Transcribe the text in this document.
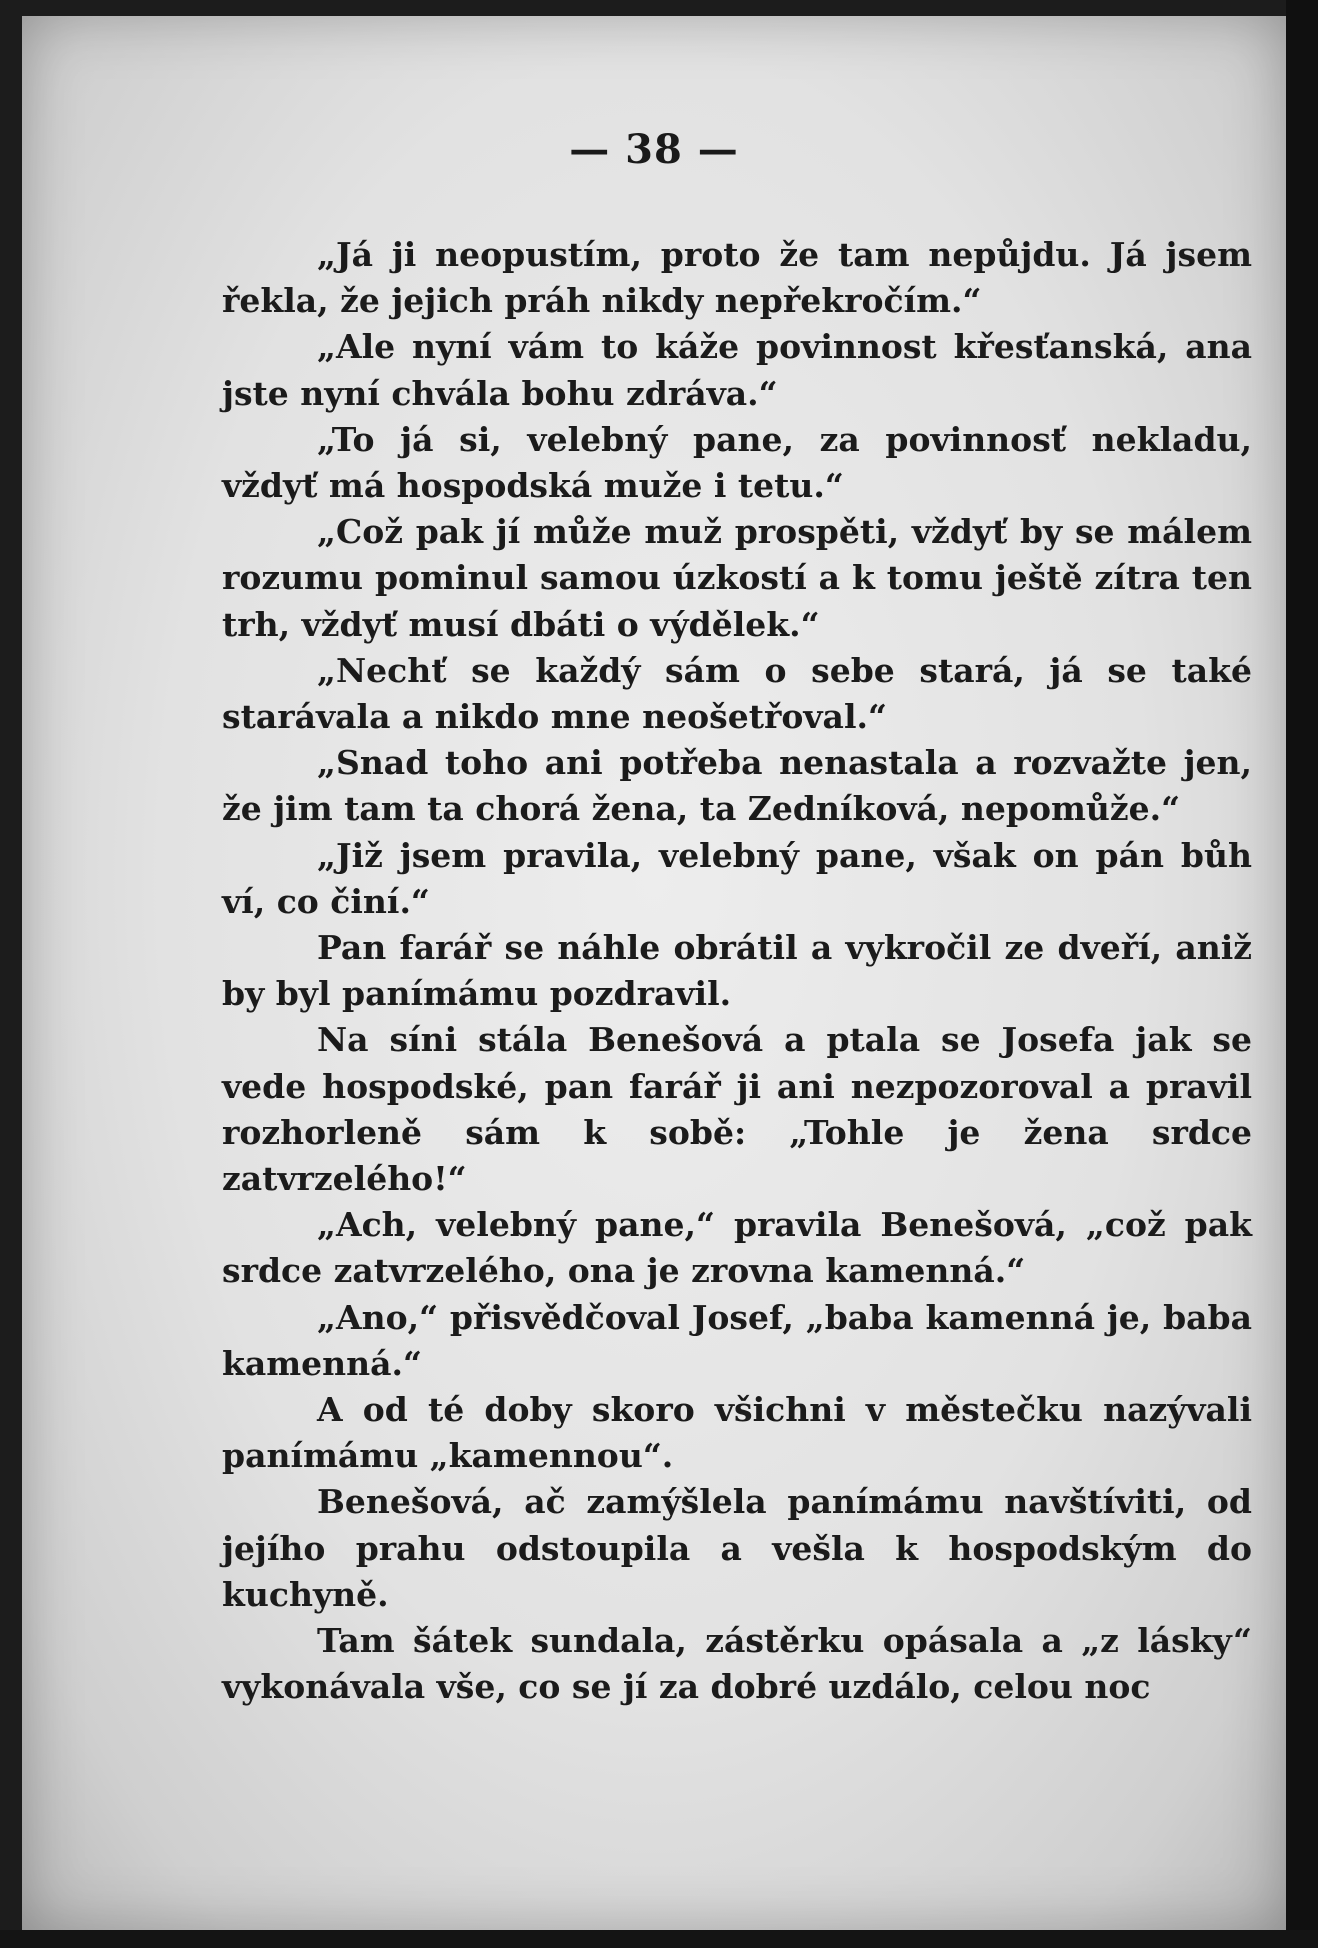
— 38 —

„Já ji neopustím, proto že tam nepůjdu. Já jsem řekla, že jejich práh nikdy nepřekročím.“

„Ale nyní vám to káže povinnost křesťanská, ana jste nyní chvála bohu zdráva.“

„To já si, velebný pane, za povinnosť nekladu, vždyť má hospodská muže i tetu.“

„Což pak jí může muž prospěti, vždyť by se málem rozumu pominul samou úzkostí a k tomu ještě zítra ten trh, vždyť musí dbáti o výdělek.“

„Nechť se každý sám o sebe stará, já se také starávala a nikdo mne neošetřoval.“

„Snad toho ani potřeba nenastala a rozvažte jen, že jim tam ta chorá žena, ta Zedníková, nepomůže.“

„Již jsem pravila, velebný pane, však on pán bůh ví, co činí.“

Pan farář se náhle obrátil a vykročil ze dveří, aniž by byl panímámu pozdravil.

Na síni stála Benešová a ptala se Josefa jak se vede hospodské, pan farář ji ani nezpozoroval a pravil rozhorleně sám k sobě: „Tohle je žena srdce zatvrzelého!“

„Ach, velebný pane,“ pravila Benešová, „což pak srdce zatvrzelého, ona je zrovna kamenná.“

„Ano,“ přisvědčoval Josef, „baba kamenná je, baba kamenná.“

A od té doby skoro všichni v městečku nazývali panímámu „kamennou“.

Benešová, ač zamýšlela panímámu navštíviti, od jejího prahu odstoupila a vešla k hospodským do kuchyně.

Tam šátek sundala, zástěrku opásala a „z lásky“ vykonávala vše, co se jí za dobré uzdálo, celou noc
